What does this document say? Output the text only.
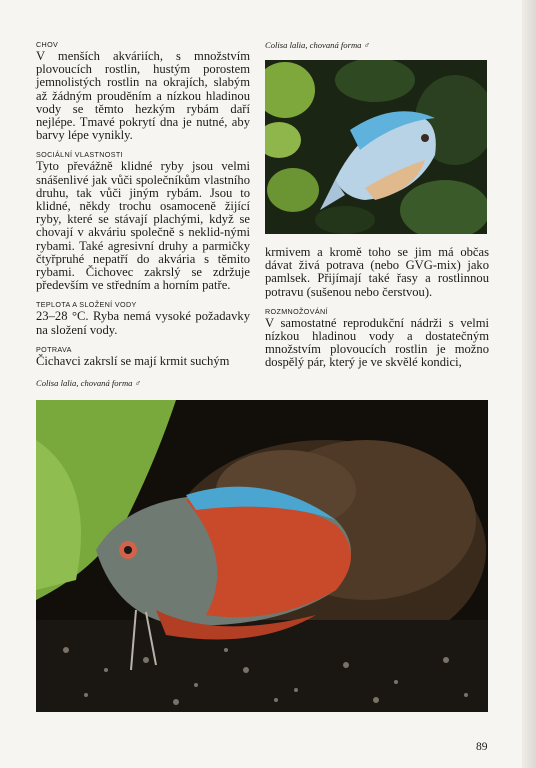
CHOV

V menších akváriích, s množstvím plovoucích rostlin, hustým porostem jemnolistých rostlin na okrajích, slabým až žádným prouděním a nízkou hladinou vody se těmto hezkým rybám daří nejlépe. Tmavé pokrytí dna je nutné, aby barvy lépe vynikly.

SOCIÁLNÍ VLASTNOSTI

Tyto převážně klidné ryby jsou velmi snášenlivé jak vůči společníkům vlastního druhu, tak vůči jiným rybám. Jsou to klidné, někdy trochu osamoceně žijící ryby, které se stávají plachými, když se chovají v akváriu společně s neklid-nými rybami. Také agresivní druhy a parmičky čtyřpruhé nepatří do akvária s těmito rybami. Čichovec zakrslý se zdržuje především ve středním a horním patře.

TEPLOTA A SLOŽENÍ VODY

23–28 °C. Ryba nemá vysoké požadavky na složení vody.

POTRAVA

Čichavci zakrslí se mají krmit suchým

Colisa lalia, chovaná forma ♂

krmivem a kromě toho se jim má občas dávat živá potrava (nebo GVG-mix) jako pamlsek. Přijímají také řasy a rostlinnou potravu (sušenou nebo čerstvou).

ROZMNOŽOVÁNÍ

V samostatné reprodukční nádrži s velmi nízkou hladinou vody a dostatečným množstvím plovoucích rostlin je možno dospělý pár, který je ve skvělé kondici,

Colisa lalia, chovaná forma ♂
89
